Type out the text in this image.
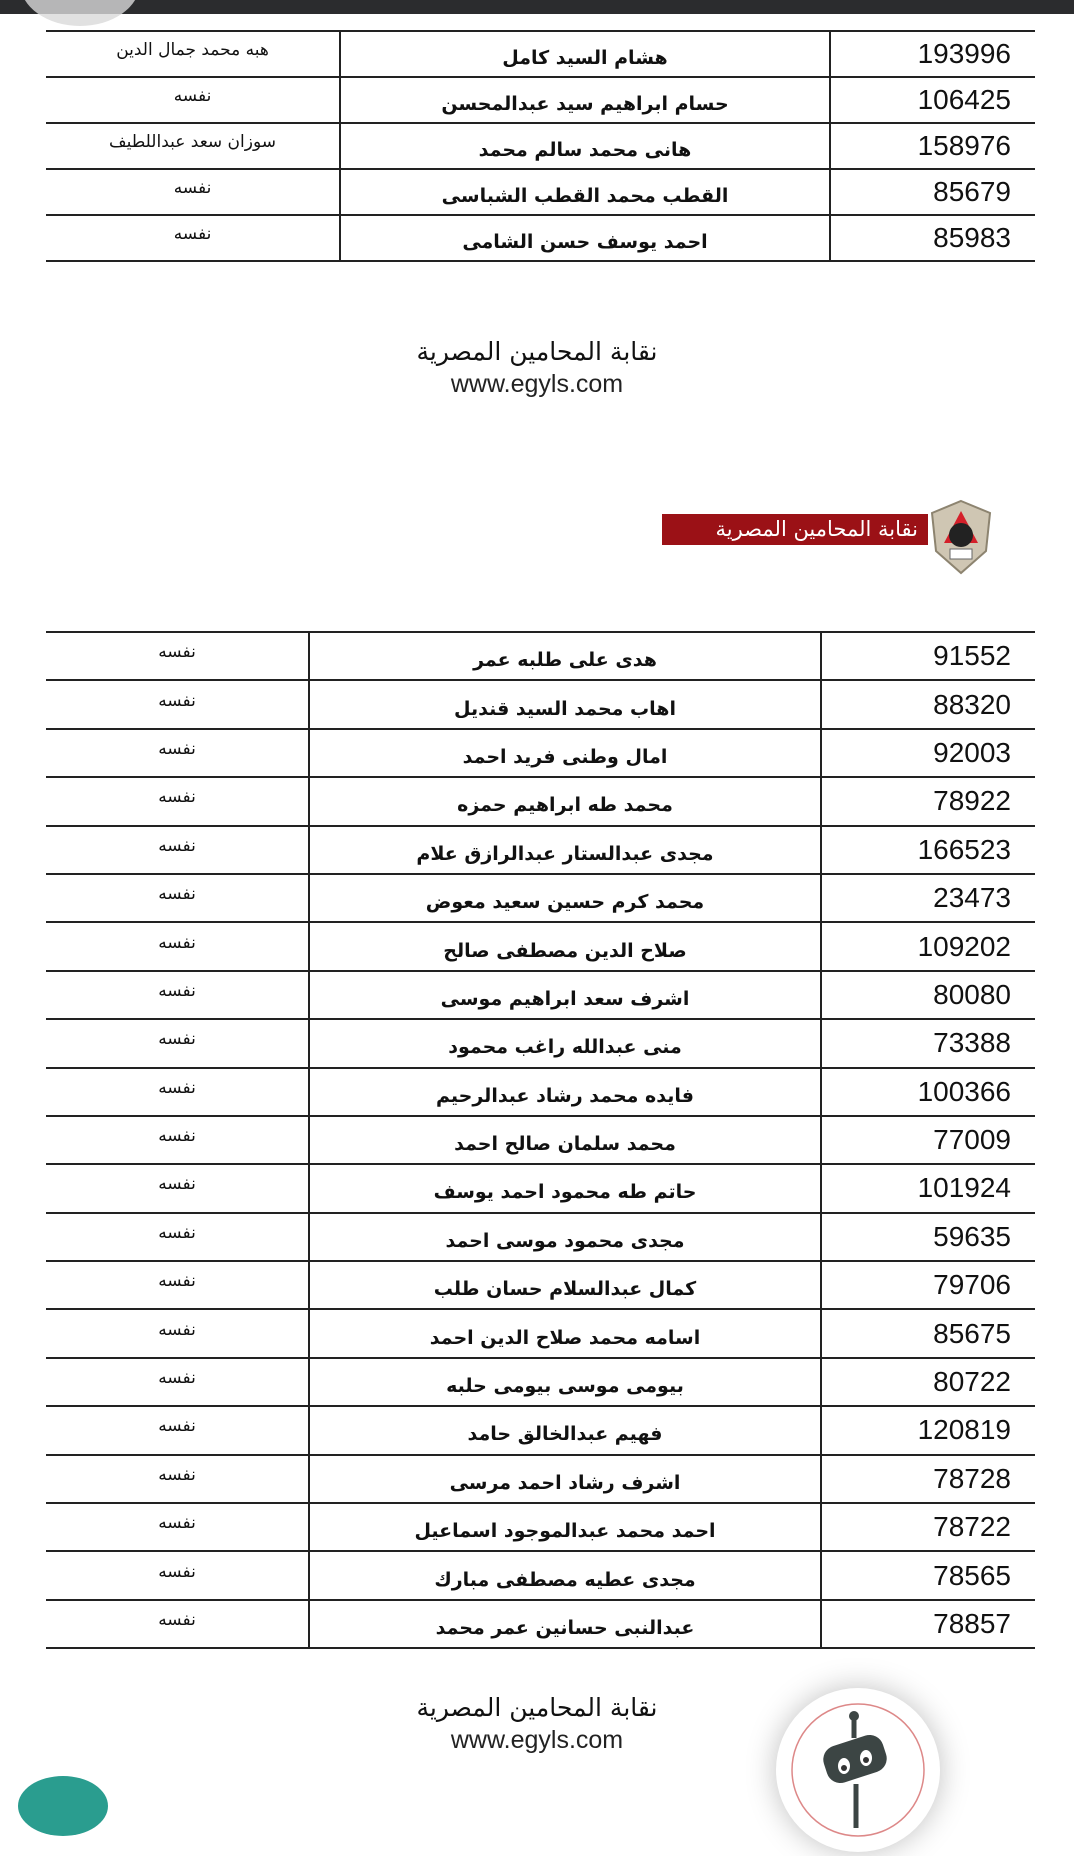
هبه محمد جمال الدين	هشام السيد كامل	193996
نفسه	حسام ابراهيم سيد عبدالمحسن	106425
سوزان سعد عبداللطيف	هانى محمد سالم محمد	158976
نفسه	القطب محمد القطب الشباسى	85679
نفسه	احمد يوسف حسن الشامى	85983
نقابة المحامين المصرية
www.egyls.com
نقابة المحامين المصرية
نفسه	هدى على طلبه عمر	91552
نفسه	اهاب محمد السيد قنديل	88320
نفسه	امال وطنى فريد احمد	92003
نفسه	محمد طه ابراهيم حمزه	78922
نفسه	مجدى عبدالستار عبدالرازق علام	166523
نفسه	محمد كرم حسين سعيد معوض	23473
نفسه	صلاح الدين مصطفى صالح	109202
نفسه	اشرف سعد ابراهيم موسى	80080
نفسه	منى عبدالله راغب محمود	73388
نفسه	فايده محمد رشاد عبدالرحيم	100366
نفسه	محمد سلمان صالح احمد	77009
نفسه	حاتم طه محمود احمد يوسف	101924
نفسه	مجدى محمود موسى احمد	59635
نفسه	كمال عبدالسلام حسان طلب	79706
نفسه	اسامه محمد صلاح الدين احمد	85675
نفسه	بيومى موسى بيومى حلبه	80722
نفسه	فهيم عبدالخالق حامد	120819
نفسه	اشرف رشاد احمد مرسى	78728
نفسه	احمد محمد عبدالموجود اسماعيل	78722
نفسه	مجدى عطيه مصطفى مبارك	78565
نفسه	عبدالنبى حسانين عمر محمد	78857
نقابة المحامين المصرية
www.egyls.com
